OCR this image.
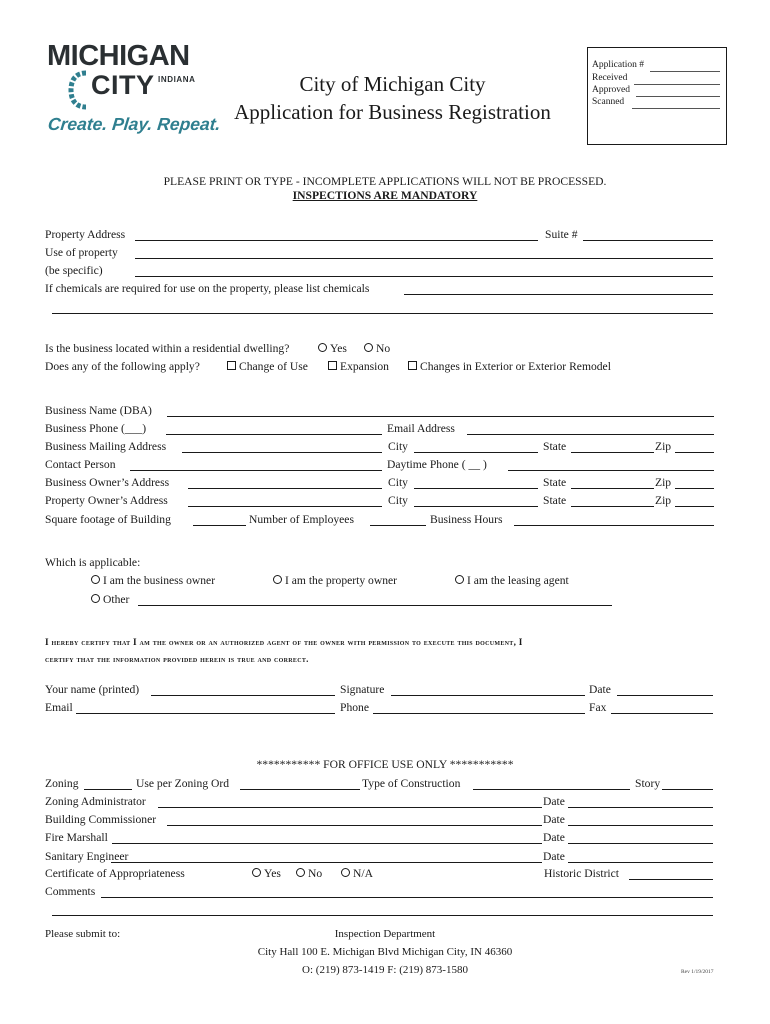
MICHIGAN
CITY INDIANA
Create. Play. Repeat.
City of Michigan City
Application for Business Registration
Application #
Received
Approved
Scanned
PLEASE PRINT OR TYPE - INCOMPLETE APPLICATIONS WILL NOT BE PROCESSED.
INSPECTIONS ARE MANDATORY
Property Address	Suite #
Use of property
(be specific)
If chemicals are required for use on the property, please list chemicals
Is the business located within a residential dwelling?	Yes	No
Does any of the following apply?	Change of Use	Expansion	Changes in Exterior or Exterior Remodel
Business Name (DBA)
Business Phone (___)	Email Address
Business Mailing Address	City	State	Zip
Contact Person	Daytime Phone ( __ )
Business Owner’s Address	City	State	Zip
Property Owner’s Address	City	State	Zip
Square footage of Building	Number of Employees	Business Hours
Which is applicable:
I am the business owner	I am the property owner	I am the leasing agent
Other
I hereby certify that I am the owner or an authorized agent of the owner with permission to execute this document, I
certify that the information provided herein is true and correct.
Your name (printed)	Signature	Date
Email	Phone	Fax
*********** FOR OFFICE USE ONLY ***********
Zoning	Use per Zoning Ord	Type of Construction	Story
Zoning Administrator	Date
Building Commissioner	Date
Fire Marshall	Date
Sanitary Engineer	Date
Certificate of Appropriateness	Yes	No	N/A	Historic District
Comments
Please submit to:	Inspection Department
City Hall 100 E. Michigan Blvd Michigan City, IN 46360
O: (219) 873-1419 F: (219) 873-1580	Rev 1/19/2017
